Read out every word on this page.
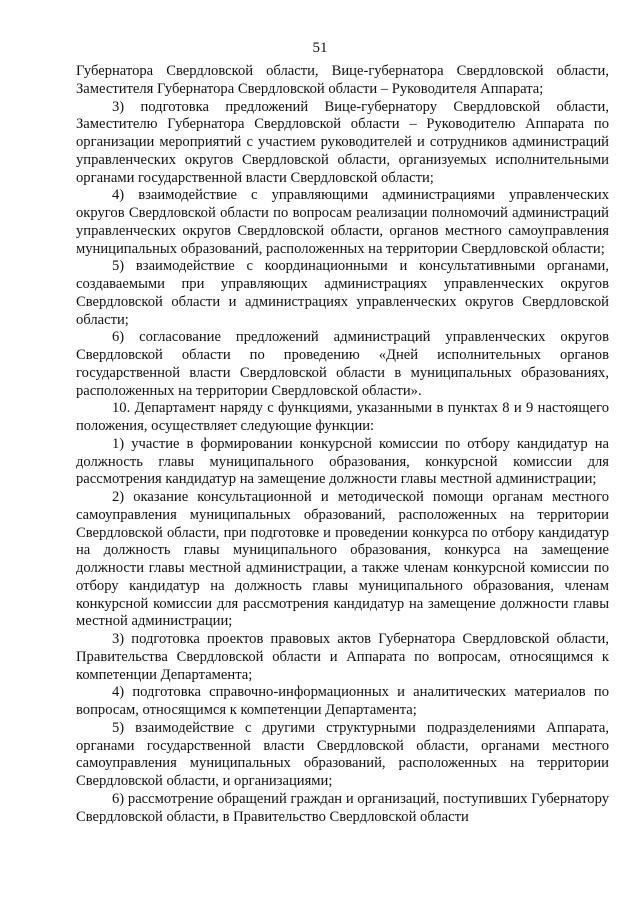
51

Губернатора Свердловской области, Вице-губернатора Свердловской области, Заместителя Губернатора Свердловской области – Руководителя Аппарата;

3) подготовка предложений Вице-губернатору Свердловской области, Заместителю Губернатора Свердловской области – Руководителю Аппарата по организации мероприятий с участием руководителей и сотрудников администраций управленческих округов Свердловской области, организуемых исполнительными органами государственной власти Свердловской области;

4) взаимодействие с управляющими администрациями управленческих округов Свердловской области по вопросам реализации полномочий администраций управленческих округов Свердловской области, органов местного самоуправления муниципальных образований, расположенных на территории Свердловской области;

5) взаимодействие с координационными и консультативными органами, создаваемыми при управляющих администрациях управленческих округов Свердловской области и администрациях управленческих округов Свердловской области;

6) согласование предложений администраций управленческих округов Свердловской области по проведению «Дней исполнительных органов государственной власти Свердловской области в муниципальных образованиях, расположенных на территории Свердловской области».

10. Департамент наряду с функциями, указанными в пунктах 8 и 9 настоящего положения, осуществляет следующие функции:

1) участие в формировании конкурсной комиссии по отбору кандидатур на должность главы муниципального образования, конкурсной комиссии для рассмотрения кандидатур на замещение должности главы местной администрации;

2) оказание консультационной и методической помощи органам местного самоуправления муниципальных образований, расположенных на территории Свердловской области, при подготовке и проведении конкурса по отбору кандидатур на должность главы муниципального образования, конкурса на замещение должности главы местной администрации, а также членам конкурсной комиссии по отбору кандидатур на должность главы муниципального образования, членам конкурсной комиссии для рассмотрения кандидатур на замещение должности главы местной администрации;

3) подготовка проектов правовых актов Губернатора Свердловской области, Правительства Свердловской области и Аппарата по вопросам, относящимся к компетенции Департамента;

4) подготовка справочно-информационных и аналитических материалов по вопросам, относящимся к компетенции Департамента;

5) взаимодействие с другими структурными подразделениями Аппарата, органами государственной власти Свердловской области, органами местного самоуправления муниципальных образований, расположенных на территории Свердловской области, и организациями;

6) рассмотрение обращений граждан и организаций, поступивших Губернатору Свердловской области, в Правительство Свердловской области
